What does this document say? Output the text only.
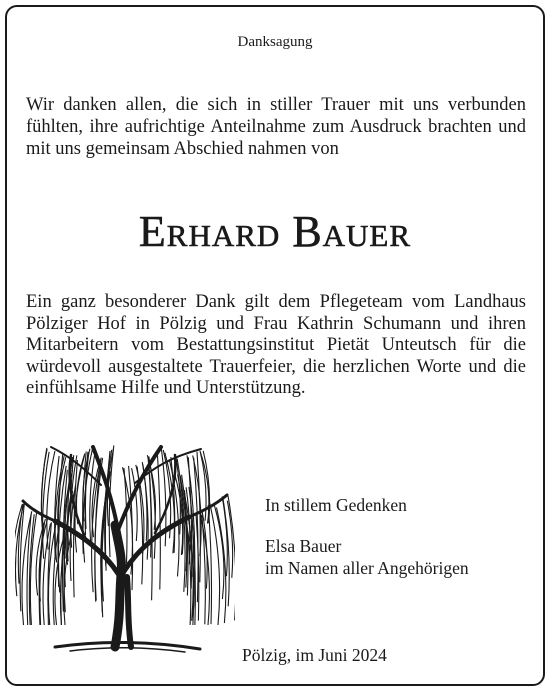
Danksagung
Wir danken allen, die sich in stiller Trauer mit uns verbunden fühlten, ihre aufrichtige Anteilnahme zum Ausdruck brachten und mit uns gemeinsam Abschied nahmen von
Erhard Bauer
Ein ganz besonderer Dank gilt dem Pflegeteam vom Landhaus Pölziger Hof in Pölzig und Frau Kathrin Schumann und ihren Mitarbeitern vom Bestattungsinstitut Pietät Unteutsch für die würdevoll ausgestaltete Trauerfeier, die herzlichen Worte und die einfühlsame Hilfe und Unterstützung.
In stillem Gedenken
Elsa Bauer
im Namen aller Angehörigen
Pölzig, im Juni 2024
